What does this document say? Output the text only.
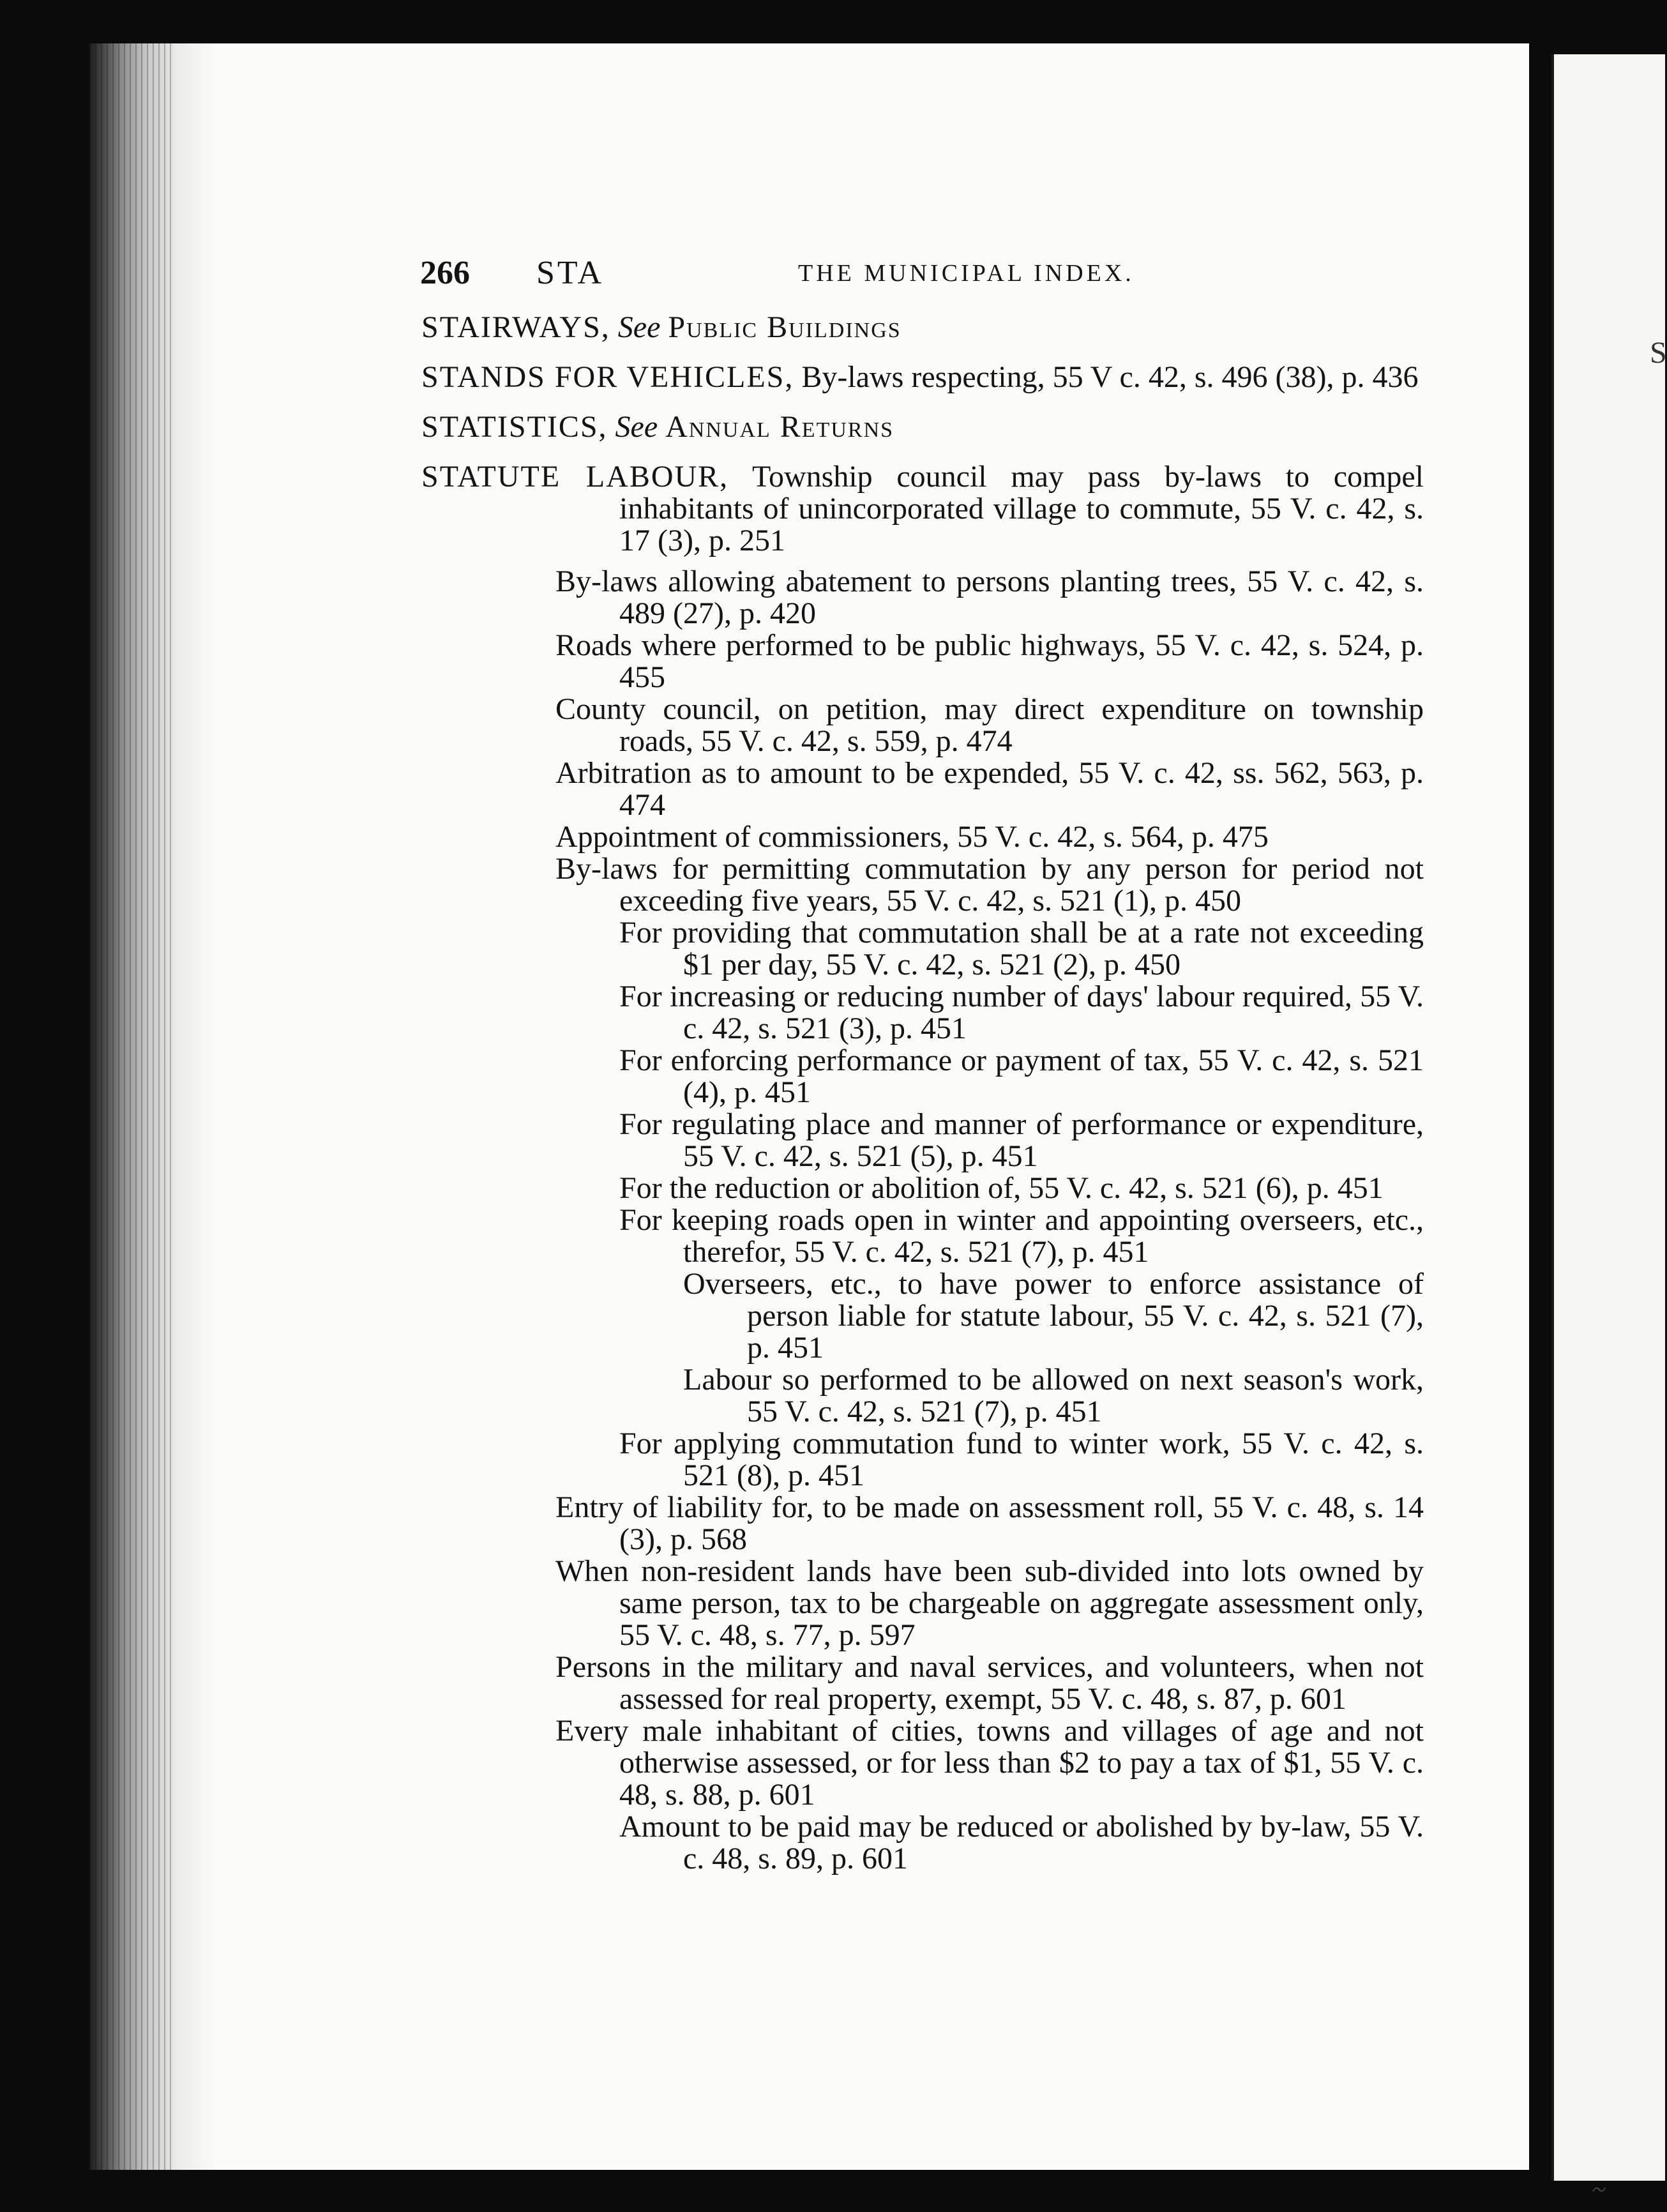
S
~
266 STA	THE MUNICIPAL INDEX.
STAIRWAYS, See Public Buildings
STANDS FOR VEHICLES, By-laws respecting, 55 V c. 42, s. 496 (38), p. 436
STATISTICS, See Annual Returns
STATUTE LABOUR, Township council may pass by-laws to compel inhabitants of unincorporated village to commute, 55 V. c. 42, s. 17 (3), p. 251
By-laws allowing abatement to persons planting trees, 55 V. c. 42, s. 489 (27), p. 420
Roads where performed to be public highways, 55 V. c. 42, s. 524, p. 455
County council, on petition, may direct expenditure on township roads, 55 V. c. 42, s. 559, p. 474
Arbitration as to amount to be expended, 55 V. c. 42, ss. 562, 563, p. 474
Appointment of commissioners, 55 V. c. 42, s. 564, p. 475
By-laws for permitting commutation by any person for period not exceeding five years, 55 V. c. 42, s. 521 (1), p. 450
For providing that commutation shall be at a rate not exceeding $1 per day, 55 V. c. 42, s. 521 (2), p. 450
For increasing or reducing number of days' labour required, 55 V. c. 42, s. 521 (3), p. 451
For enforcing performance or payment of tax, 55 V. c. 42, s. 521 (4), p. 451
For regulating place and manner of performance or expenditure, 55 V. c. 42, s. 521 (5), p. 451
For the reduction or abolition of, 55 V. c. 42, s. 521 (6), p. 451
For keeping roads open in winter and appointing overseers, etc., therefor, 55 V. c. 42, s. 521 (7), p. 451
Overseers, etc., to have power to enforce assistance of person liable for statute labour, 55 V. c. 42, s. 521 (7), p. 451
Labour so performed to be allowed on next season's work, 55 V. c. 42, s. 521 (7), p. 451
For applying commutation fund to winter work, 55 V. c. 42, s. 521 (8), p. 451
Entry of liability for, to be made on assessment roll, 55 V. c. 48, s. 14 (3), p. 568
When non-resident lands have been sub-divided into lots owned by same person, tax to be chargeable on aggregate assessment only, 55 V. c. 48, s. 77, p. 597
Persons in the military and naval services, and volunteers, when not assessed for real property, exempt, 55 V. c. 48, s. 87, p. 601
Every male inhabitant of cities, towns and villages of age and not otherwise assessed, or for less than $2 to pay a tax of $1, 55 V. c. 48, s. 88, p. 601
Amount to be paid may be reduced or abolished by by-law, 55 V. c. 48, s. 89, p. 601
